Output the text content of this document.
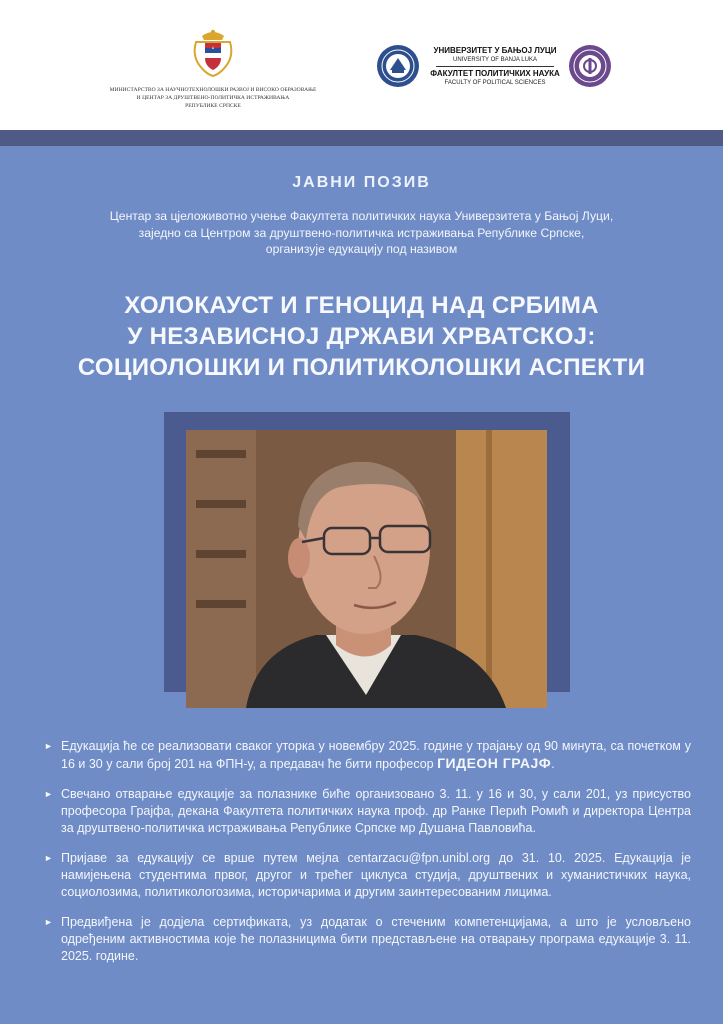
МИНИСТАРСТВО ЗА НАУЧНОТЕХНОЛОШКИ РАЗВОЈ И ВИСОКО ОБРАЗОВАЊЕ
И ЦЕНТАР ЗА ДРУШТВЕНО-ПОЛИТИЧКА ИСТРАЖИВАЊА
РЕПУБЛИКЕ СРПСКЕ
УНИВЕРЗИТЕТ У БАЊОЈ ЛУЦИ
UNIVERSITY OF BANJA LUKA
ФАКУЛТЕТ ПОЛИТИЧКИХ НАУКА
FACULTY OF POLITICAL SCIENCES
ЈАВНИ ПОЗИВ
Центар за цјеложивотно учење Факултета политичких наука Универзитета у Бањој Луци,
заједно са Центром за друштвено-политичка истраживања Републике Српске,
организује едукацију под називом
ХОЛОКАУСТ И ГЕНОЦИД НАД СРБИМА
У НЕЗАВИСНОЈ ДРЖАВИ ХРВАТСКОЈ:
СОЦИОЛОШКИ И ПОЛИТИКОЛОШКИ АСПЕКТИ
► Едукација ће се реализовати сваког уторка у новембру 2025. године у трајању од 90 минута, са почетком у 16 и 30 у сали број 201 на ФПН-у, а предавач ће бити професор ГИДЕОН ГРАЈФ.
► Свечано отварање едукације за полазнике биће организовано 3. 11. у 16 и 30, у сали 201, уз присуство професора Грајфа, декана Факултета политичких наука проф. др Ранке Перић Ромић и директора Центра за друштвено-политичка истраживања Републике Српске мр Душана Павловића.
► Пријаве за едукацију се врше путем мејла centarzacu@fpn.unibl.org до 31. 10. 2025. Едукација је намијењена студентима првог, другог и трећег циклуса студија, друштвених и хуманистичких наука, социолозима, политикологозима, историчарима и другим заинтересованим лицима.
► Предвиђена је додјела сертификата, уз додатак о стеченим компетенцијама, а што је условљено одређеним активностима које ће полазницима бити представљене на отварању програма едукације 3. 11. 2025. године.
